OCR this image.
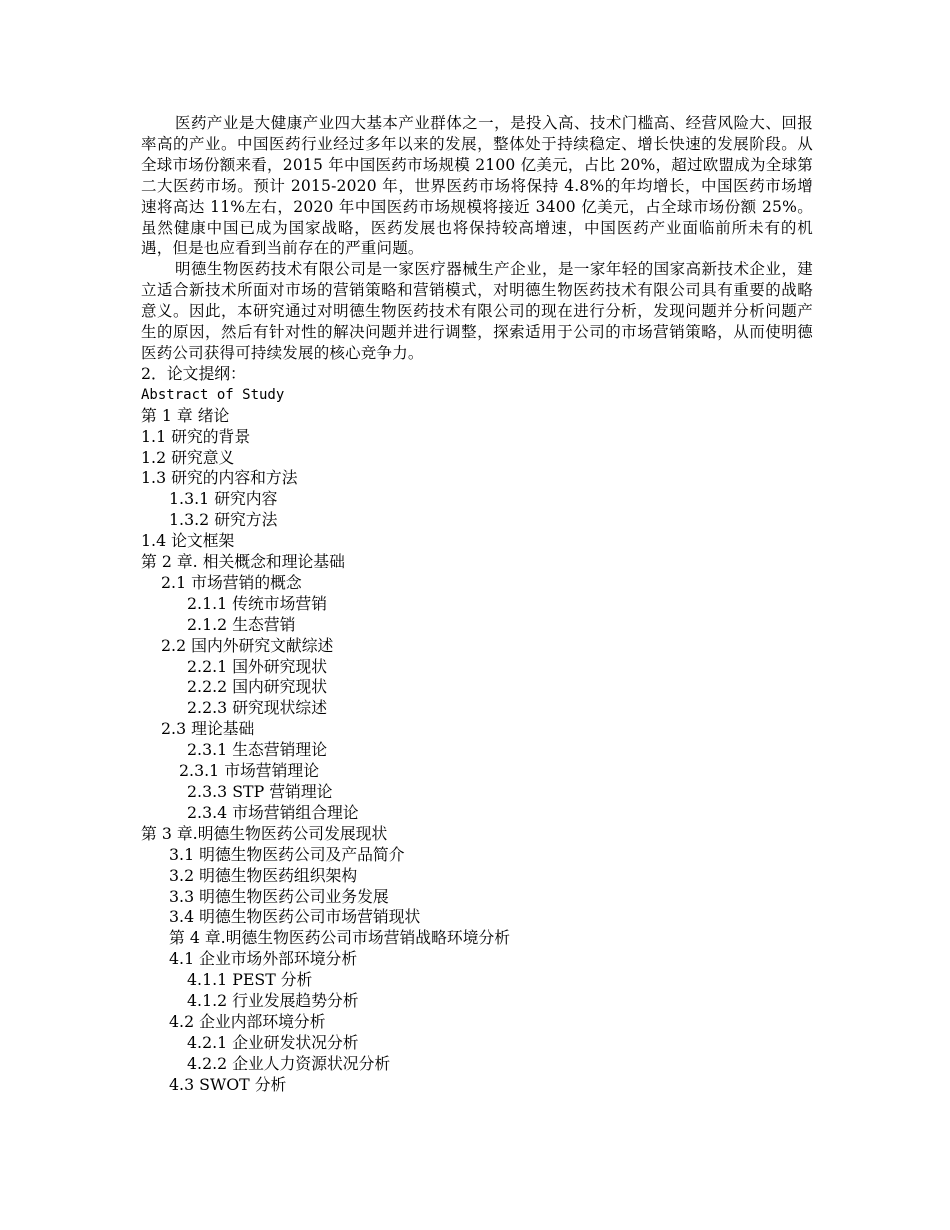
医药产业是大健康产业四大基本产业群体之一，是投入高、技术门槛高、经营风险大、回报率高的产业。中国医药行业经过多年以来的发展，整体处于持续稳定、增长快速的发展阶段。从全球市场份额来看，2015 年中国医药市场规模 2100 亿美元，占比 20%，超过欧盟成为全球第二大医药市场。预计 2015-2020 年，世界医药市场将保持 4.8%的年均增长，中国医药市场增速将高达 11%左右，2020 年中国医药市场规模将接近 3400 亿美元，占全球市场份额 25%。 虽然健康中国已成为国家战略，医药发展也将保持较高增速，中国医药产业面临前所未有的机遇，但是也应看到当前存在的严重问题。

明德生物医药技术有限公司是一家医疗器械生产企业，是一家年轻的国家高新技术企业，建立适合新技术所面对市场的营销策略和营销模式，对明德生物医药技术有限公司具有重要的战略意义。因此，本研究通过对明德生物医药技术有限公司的现在进行分析，发现问题并分析问题产生的原因，然后有针对性的解决问题并进行调整，探索适用于公司的市场营销策略，从而使明德医药公司获得可持续发展的核心竞争力。

2．论文提纲：
Abstract of Study
第 1 章 绪论
1.1 研究的背景
1.2 研究意义
1.3 研究的内容和方法
1.3.1 研究内容
1.3.2 研究方法
1.4 论文框架
第 2 章. 相关概念和理论基础
2.1 市场营销的概念
2.1.1 传统市场营销
2.1.2 生态营销
2.2 国内外研究文献综述
2.2.1 国外研究现状
2.2.2 国内研究现状
2.2.3 研究现状综述
2.3 理论基础
2.3.1 生态营销理论
2.3.1 市场营销理论
2.3.3 STP 营销理论
2.3.4 市场营销组合理论
第 3 章.明德生物医药公司发展现状
3.1 明德生物医药公司及产品简介
3.2 明德生物医药组织架构
3.3 明德生物医药公司业务发展
3.4 明德生物医药公司市场营销现状
第 4 章.明德生物医药公司市场营销战略环境分析
4.1 企业市场外部环境分析
4.1.1 PEST 分析
4.1.2 行业发展趋势分析
4.2 企业内部环境分析
4.2.1 企业研发状况分析
4.2.2 企业人力资源状况分析
4.3 SWOT 分析
